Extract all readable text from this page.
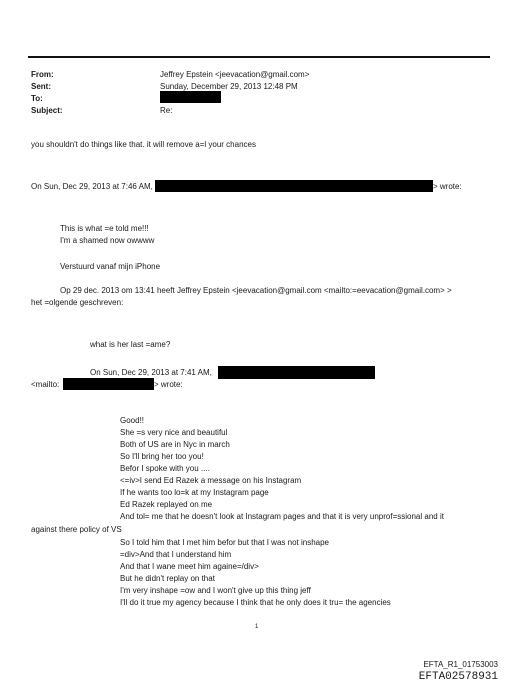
From:	Jeffrey Epstein <jeevacation@gmail.com>
Sent:	Sunday, December 29, 2013 12:48 PM
To:
Subject:	Re:
you shouldn't do things like that. it will remove a=l your chances
On Sun, Dec 29, 2013 at 7:46 AM,	> wrote:
This is what =e told me!!!
I'm a shamed now owwww
Verstuurd vanaf mijn iPhone
Op 29 dec. 2013 om 13:41 heeft Jeffrey Epstein <jeevacation@gmail.com <mailto:=eevacation@gmail.com> >
het =olgende geschreven:
what is her last =ame?
On Sun, Dec 29, 2013 at 7:41 AM,
<mailto:	> wrote:
Good!!
She =s very nice and beautiful
Both of US are in Nyc in march
So I'll bring her too you!
Befor I spoke with you ....
<=iv>I send Ed Razek a message on his Instagram
If he wants too lo=k at my Instagram page
Ed Razek replayed on me
And tol= me that he doesn't look at Instagram pages and that it is very unprof=ssional and it
against there policy of VS
So I told him that I met him befor but that I was not inshape
=div>And that I understand him
And that I wane meet him againe=/div>
But he didn't replay on that
I'm very inshape =ow and I won't give up this thing jeff
I'll do it true my agency because I think that he only does it tru= the agencies
1
EFTA_R1_01753003
EFTA02578931
